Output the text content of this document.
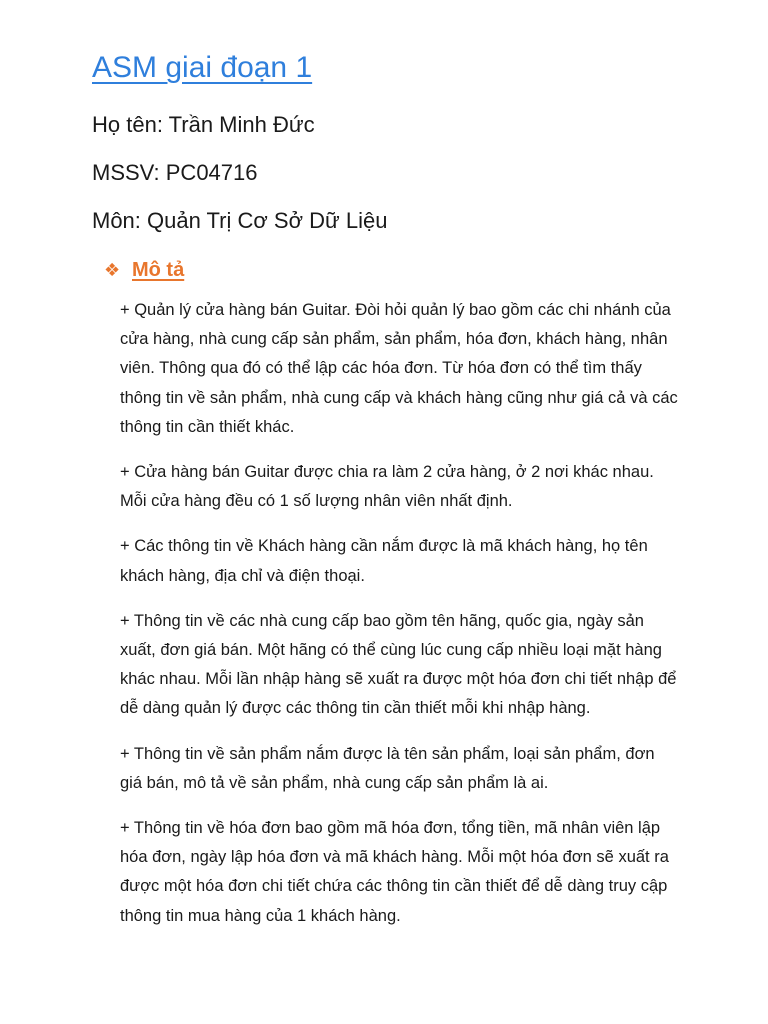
ASM giai đoạn 1

Họ tên: Trần Minh Đức

MSSV: PC04716

Môn: Quản Trị Cơ Sở Dữ Liệu

❖ Mô tả

+ Quản lý cửa hàng bán Guitar. Đòi hỏi quản lý bao gồm các chi nhánh của cửa hàng, nhà cung cấp sản phẩm, sản phẩm, hóa đơn, khách hàng, nhân viên. Thông qua đó có thể lập các hóa đơn. Từ hóa đơn có thể tìm thấy thông tin về sản phẩm, nhà cung cấp và khách hàng cũng như giá cả và các thông tin cần thiết khác.

+ Cửa hàng bán Guitar được chia ra làm 2 cửa hàng, ở 2 nơi khác nhau. Mỗi cửa hàng đều có 1 số lượng nhân viên nhất định.

+ Các thông tin về Khách hàng cần nắm được là mã khách hàng, họ tên khách hàng, địa chỉ và điện thoại.

+ Thông tin về các nhà cung cấp bao gồm tên hãng, quốc gia, ngày sản xuất, đơn giá bán. Một hãng có thể cùng lúc cung cấp nhiều loại mặt hàng khác nhau. Mỗi lần nhập hàng sẽ xuất ra được một hóa đơn chi tiết nhập để dễ dàng quản lý được các thông tin cần thiết mỗi khi nhập hàng.

+ Thông tin về sản phẩm nắm được là tên sản phẩm, loại sản phẩm, đơn giá bán, mô tả về sản phẩm, nhà cung cấp sản phẩm là ai.

+ Thông tin về hóa đơn bao gồm mã hóa đơn, tổng tiền, mã nhân viên lập hóa đơn, ngày lập hóa đơn và mã khách hàng. Mỗi một hóa đơn sẽ xuất ra được một hóa đơn chi tiết chứa các thông tin cần thiết để dễ dàng truy cập thông tin mua hàng của 1 khách hàng.
